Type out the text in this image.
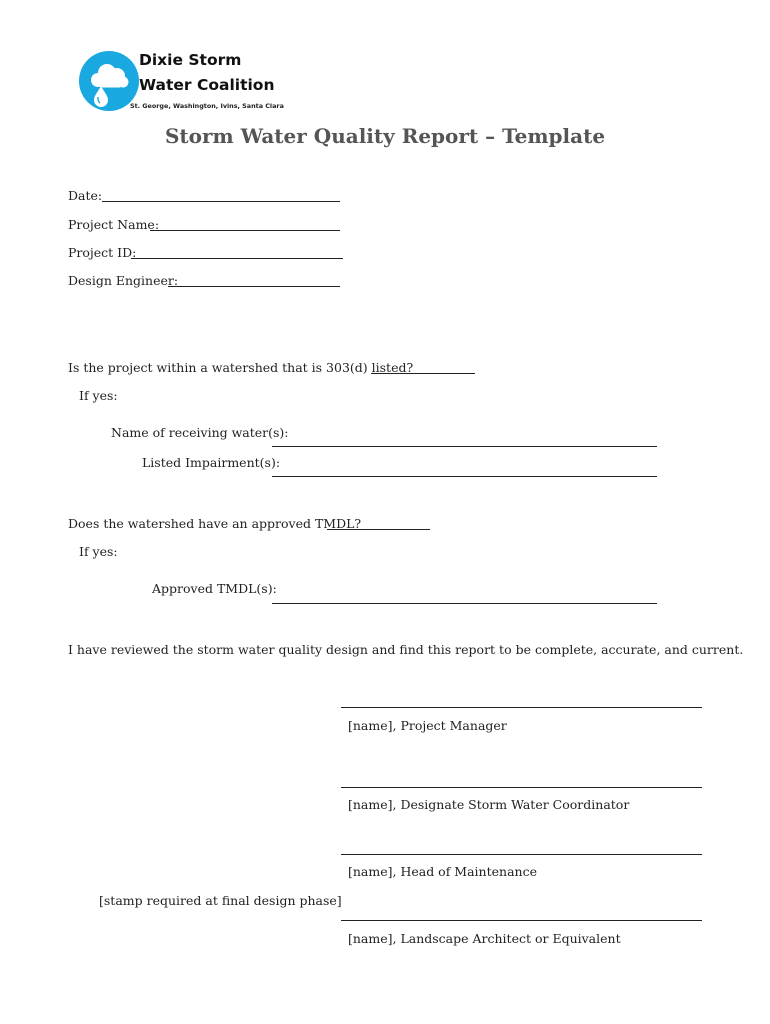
Dixie Storm
Water Coalition
St. George, Washington, Ivins, Santa Clara
Storm Water Quality Report – Template
Date:
Project Name:
Project ID:
Design Engineer:
Is the project within a watershed that is 303(d) listed?
If yes:
Name of receiving water(s):
Listed Impairment(s):
Does the watershed have an approved TMDL?
If yes:
Approved TMDL(s):
I have reviewed the storm water quality design and find this report to be complete, accurate, and current.
[name], Project Manager
[name], Designate Storm Water Coordinator
[name], Head of Maintenance
[stamp required at final design phase]
[name], Landscape Architect or Equivalent
